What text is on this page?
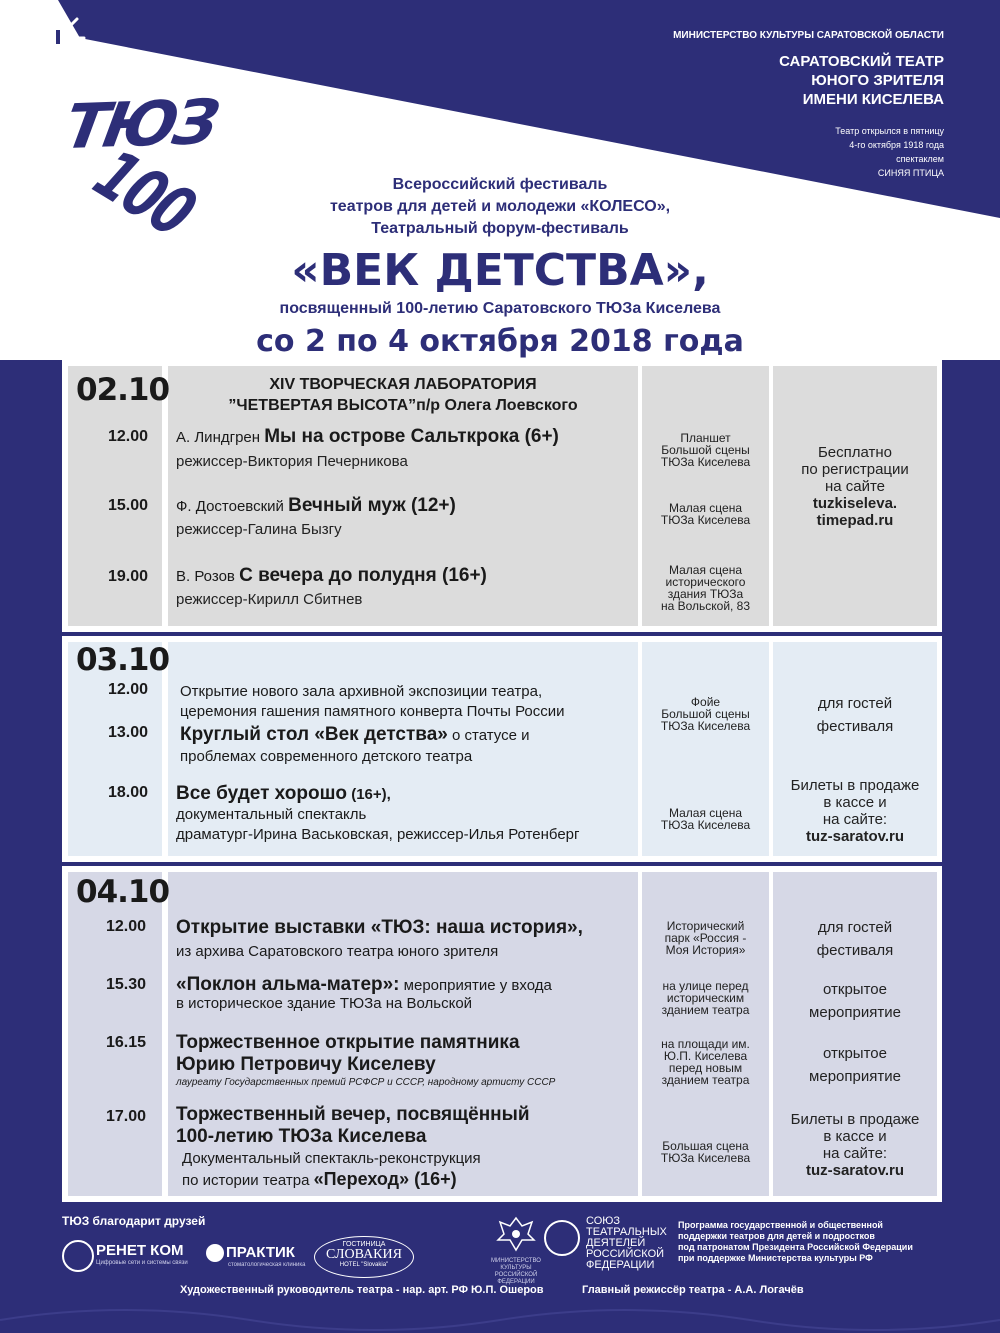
ТЮЗ
100
МИНИСТЕРСТВО КУЛЬТУРЫ САРАТОВСКОЙ ОБЛАСТИ
САРАТОВСКИЙ ТЕАТР
ЮНОГО ЗРИТЕЛЯ
ИМЕНИ КИСЕЛЕВА
Театр открылся в пятницу
4-го октября 1918 года
спектаклем
СИНЯЯ ПТИЦА
Всероссийский фестиваль
театров для детей и молодежи «КОЛЕСО»,
Театральный форум-фестиваль
«ВЕК ДЕТСТВА»,
посвященный 100-летию Саратовского ТЮЗа Киселева
со 2 по 4 октября 2018 года
02.10	XIV ТВОРЧЕСКАЯ ЛАБОРАТОРИЯ
”ЧЕТВЕРТАЯ ВЫСОТА”п/р Олега Лоевского
12.00 А. Линдгрен Мы на острове Сальткрока (6+)
режиссер-Виктория Печерникова
15.00 Ф. Достоевский Вечный муж (12+)
режиссер-Галина Бызгу
19.00 В. Розов С вечера до полудня (16+)
режиссер-Кирилл Сбитнев
Планшет
Большой сцены
ТЮЗа Киселева
Малая сцена
ТЮЗа Киселева
Малая сцена
исторического
здания ТЮЗа
на Вольской, 83
Бесплатно
по регистрации
на сайте
tuzkiseleva.
timepad.ru
03.10
12.00
13.00
18.00
Открытие нового зала архивной экспозиции театра,
церемония гашения памятного конверта Почты России
Круглый стол «Век детства» о статусе и
проблемах современного детского театра
Все будет хорошо (16+),
документальный спектакль
драматург-Ирина Васьковская, режиссер-Илья Ротенберг
Фойе
Большой сцены
ТЮЗа Киселева
Малая сцена
ТЮЗа Киселева
для гостей
фестиваля
Билеты в продаже
в кассе и
на сайте:
tuz-saratov.ru
04.10
12.00
15.30
16.15
17.00
Открытие выставки «ТЮЗ: наша история»,
из архива Саратовского театра юного зрителя
«Поклон альма-матер»: мероприятие у входа
в историческое здание ТЮЗа на Вольской
Торжественное открытие памятника
Юрию Петровичу Киселеву
лауреату Государственных премий РСФСР и СССР, народному артисту СССР
Торжественный вечер, посвящённый
100-летию ТЮЗа Киселева
Документальный спектакль-реконструкция
по истории театра «Переход» (16+)
Исторический
парк «Россия -
Моя История»
на улице перед
историческим
зданием театра
на площади им.
Ю.П. Киселева
перед новым
зданием театра
Большая сцена
ТЮЗа Киселева
для гостей
фестиваля
открытое
мероприятие
открытое
мероприятие
Билеты в продаже
в кассе и
на сайте:
tuz-saratov.ru
ТЮЗ благодарит друзей
РЕНЕТ КОМ
Цифровые сети и системы связи
ПРАКТИК
стоматологическая клиника
ГОСТИНИЦА
СЛОВАКИЯ
HOTEL "Slovakia"
МИНИСТЕРСТВО КУЛЬТУРЫ
РОССИЙСКОЙ ФЕДЕРАЦИИ
СОЮЗ
ТЕАТРАЛЬНЫХ
ДЕЯТЕЛЕЙ
РОССИЙСКОЙ
ФЕДЕРАЦИИ
Программа государственной и общественной
поддержки театров для детей и подростков
под патронатом Президента Российской Федерации
при поддержке Министерства культуры РФ
Художественный руководитель театра - нар. арт. РФ Ю.П. Ошеров	Главный режиссёр театра - А.А. Логачёв
